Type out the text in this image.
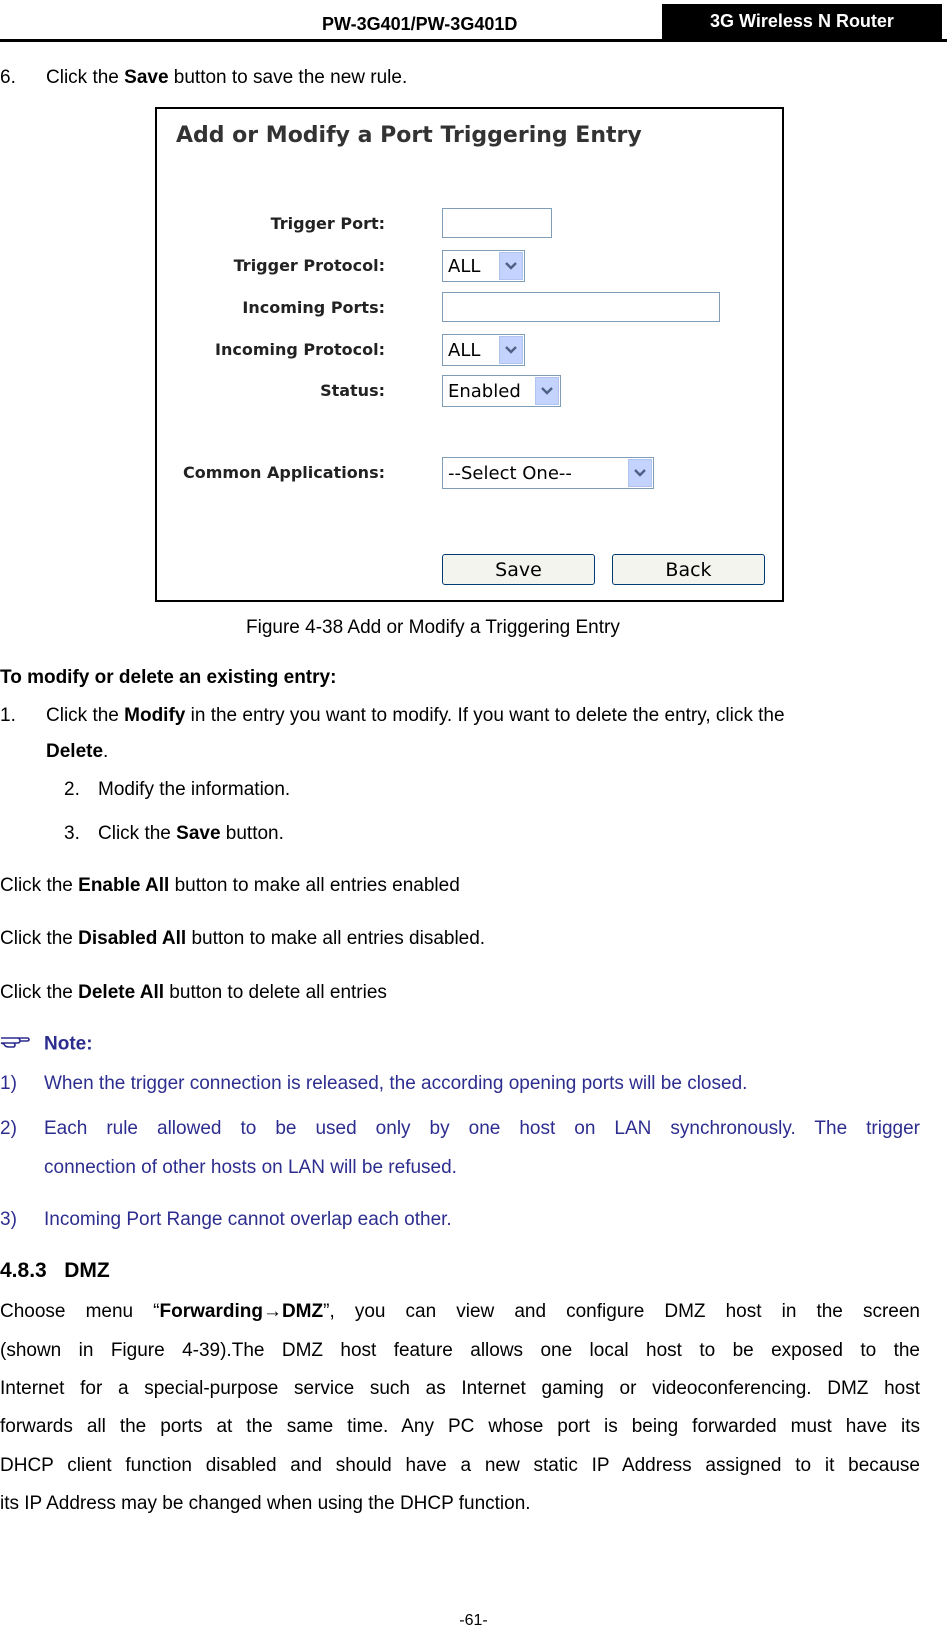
PW-3G401/PW-3G401D	3G Wireless N Router
6. Click the Save button to save the new rule.
Add or Modify a Port Triggering Entry
Trigger Port:
Trigger Protocol:	ALL
Incoming Ports:
Incoming Protocol:	ALL
Status:	Enabled
Common Applications:	--Select One--
Save	Back
Figure 4-38 Add or Modify a Triggering Entry
To modify or delete an existing entry:
1. Click the Modify in the entry you want to modify. If you want to delete the entry, click the
Delete.
2. Modify the information.
3. Click the Save button.
Click the Enable All button to make all entries enabled
Click the Disabled All button to make all entries disabled.
Click the Delete All button to delete all entries
Note:
1) When the trigger connection is released, the according opening ports will be closed.
2) Each rule allowed to be used only by one host on LAN synchronously. The trigger
connection of other hosts on LAN will be refused.
3) Incoming Port Range cannot overlap each other.
4.8.3   DMZ
Choose menu “Forwarding→DMZ”, you can view and configure DMZ host in the screen
(shown in Figure 4-39).The DMZ host feature allows one local host to be exposed to the
Internet for a special-purpose service such as Internet gaming or videoconferencing. DMZ host
forwards all the ports at the same time. Any PC whose port is being forwarded must have its
DHCP client function disabled and should have a new static IP Address assigned to it because
its IP Address may be changed when using the DHCP function.
-61-
